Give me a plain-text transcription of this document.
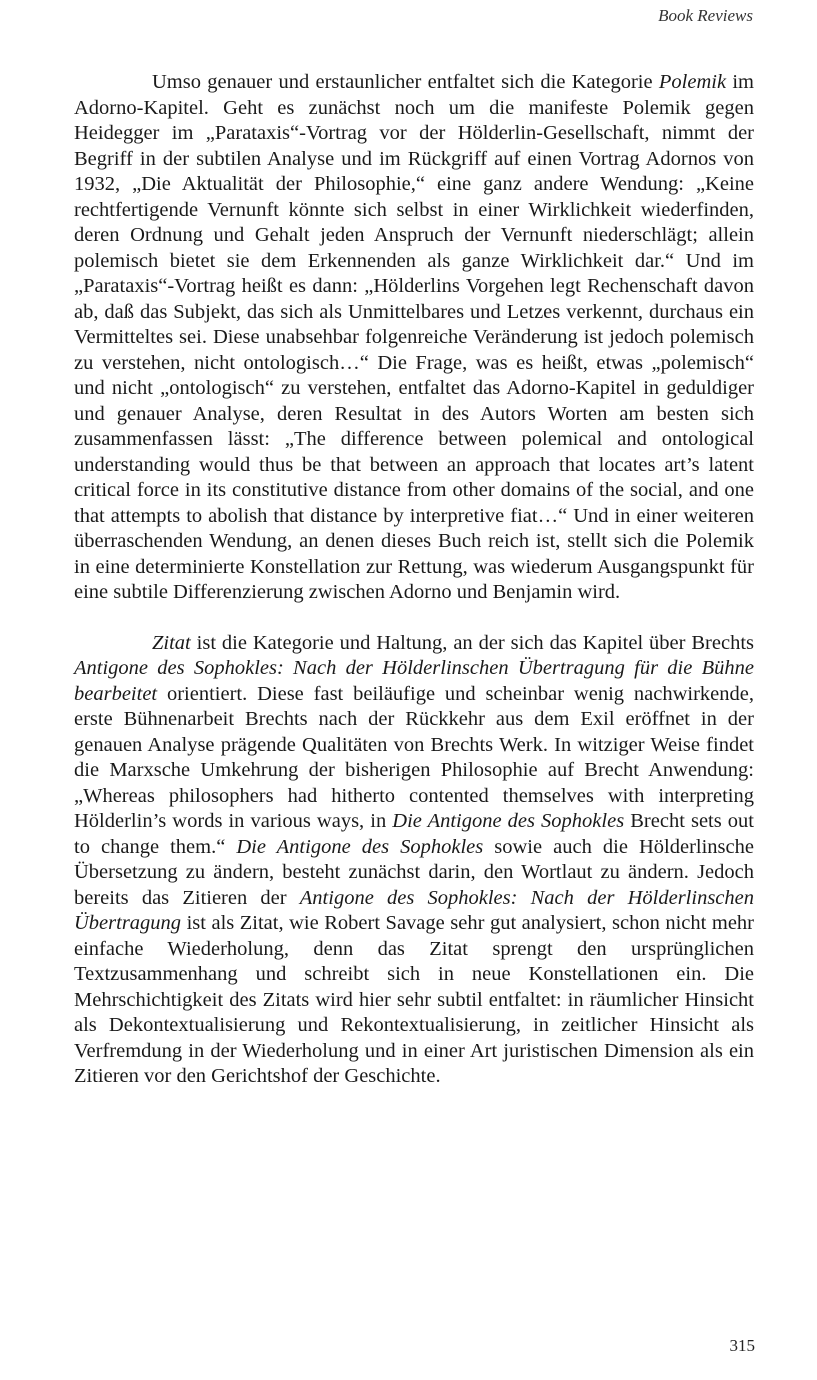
Book Reviews

Umso genauer und erstaunlicher entfaltet sich die Kategorie Polemik im Adorno-Kapitel. Geht es zunächst noch um die manifeste Polemik gegen Heidegger im „Parataxis“-Vortrag vor der Hölderlin-Gesellschaft, nimmt der Begriff in der subtilen Analyse und im Rückgriff auf einen Vortrag Adornos von 1932, „Die Aktualität der Philosophie,“ eine ganz andere Wendung: „Keine rechtfertigende Vernunft könnte sich selbst in einer Wirklichkeit wiederfinden, deren Ordnung und Gehalt jeden Anspruch der Vernunft niederschlägt; allein polemisch bietet sie dem Erkennenden als ganze Wirklichkeit dar.“ Und im „Parataxis“-Vortrag heißt es dann: „Hölderlins Vorgehen legt Rechenschaft davon ab, daß das Subjekt, das sich als Unmittelbares und Letzes verkennt, durchaus ein Vermitteltes sei. Diese unabsehbar folgenreiche Veränderung ist jedoch polemisch zu verstehen, nicht ontologisch…“ Die Frage, was es heißt, etwas „polemisch“ und nicht „ontologisch“ zu verstehen, entfaltet das Adorno-Kapitel in geduldiger und genauer Analyse, deren Resultat in des Autors Worten am besten sich zusammenfassen lässt: „The difference between polemical and ontological understanding would thus be that between an approach that locates art’s latent critical force in its constitutive distance from other domains of the social, and one that attempts to abolish that distance by interpretive fiat…“ Und in einer weiteren überraschenden Wendung, an denen dieses Buch reich ist, stellt sich die Polemik in eine determinierte Konstellation zur Rettung, was wiederum Ausgangspunkt für eine subtile Differenzierung zwischen Adorno und Benjamin wird.

Zitat ist die Kategorie und Haltung, an der sich das Kapitel über Brechts Antigone des Sophokles: Nach der Hölderlinschen Übertragung für die Bühne bearbeitet orientiert. Diese fast beiläufige und scheinbar wenig nachwirkende, erste Bühnenarbeit Brechts nach der Rückkehr aus dem Exil eröffnet in der genauen Analyse prägende Qualitäten von Brechts Werk. In witziger Weise findet die Marxsche Umkehrung der bisherigen Philosophie auf Brecht Anwendung: „Whereas philosophers had hitherto contented themselves with interpreting Hölderlin’s words in various ways, in Die Antigone des Sophokles Brecht sets out to change them.“ Die Antigone des Sophokles sowie auch die Hölderlinsche Übersetzung zu ändern, besteht zunächst darin, den Wortlaut zu ändern. Jedoch bereits das Zitieren der Antigone des Sophokles: Nach der Hölderlinschen Übertragung ist als Zitat, wie Robert Savage sehr gut analysiert, schon nicht mehr einfache Wiederholung, denn das Zitat sprengt den ursprünglichen Textzusammenhang und schreibt sich in neue Konstellationen ein. Die Mehrschichtigkeit des Zitats wird hier sehr subtil entfaltet: in räumlicher Hinsicht als Dekontextualisierung und Rekontextualisierung, in zeitlicher Hinsicht als Verfremdung in der Wiederholung und in einer Art juristischen Dimension als ein Zitieren vor den Gerichtshof der Geschichte.

315
